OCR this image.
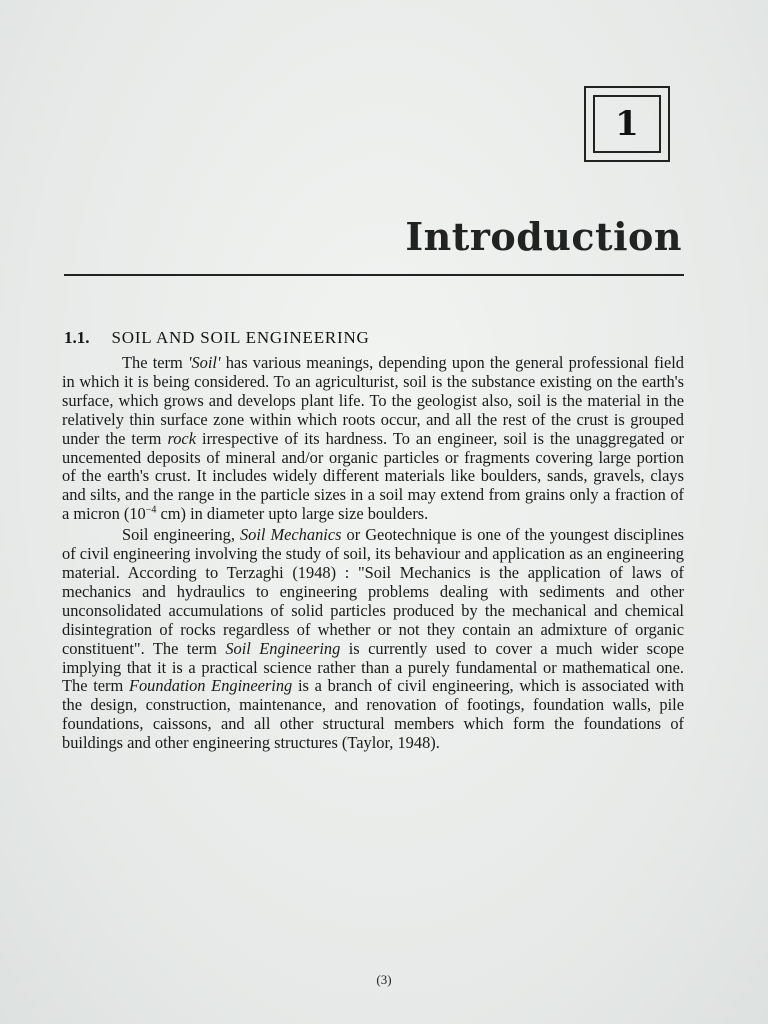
1
Introduction
1.1. SOIL AND SOIL ENGINEERING

The term 'Soil' has various meanings, depending upon the general professional field in which it is being considered. To an agriculturist, soil is the substance existing on the earth's surface, which grows and develops plant life. To the geologist also, soil is the material in the relatively thin surface zone within which roots occur, and all the rest of the crust is grouped under the term rock irrespective of its hardness. To an engineer, soil is the unaggregated or uncemented deposits of mineral and/or organic particles or fragments covering large portion of the earth's crust. It includes widely different materials like boulders, sands, gravels, clays and silts, and the range in the particle sizes in a soil may extend from grains only a fraction of a micron ($10^{-4}$ cm) in diameter upto large size boulders.

Soil engineering, Soil Mechanics or Geotechnique is one of the youngest disciplines of civil engineering involving the study of soil, its behaviour and application as an engineering material. According to Terzaghi (1948) : "Soil Mechanics is the application of laws of mechanics and hydraulics to engineering problems dealing with sediments and other unconsolidated accumulations of solid particles produced by the mechanical and chemical disintegration of rocks regardless of whether or not they contain an admixture of organic constituent". The term Soil Engineering is currently used to cover a much wider scope implying that it is a practical science rather than a purely fundamental or mathematical one. The term Foundation Engineering is a branch of civil engineering, which is associated with the design, construction, maintenance, and renovation of footings, foundation walls, pile foundations, caissons, and all other structural members which form the foundations of buildings and other engineering structures (Taylor, 1948).

(3)
